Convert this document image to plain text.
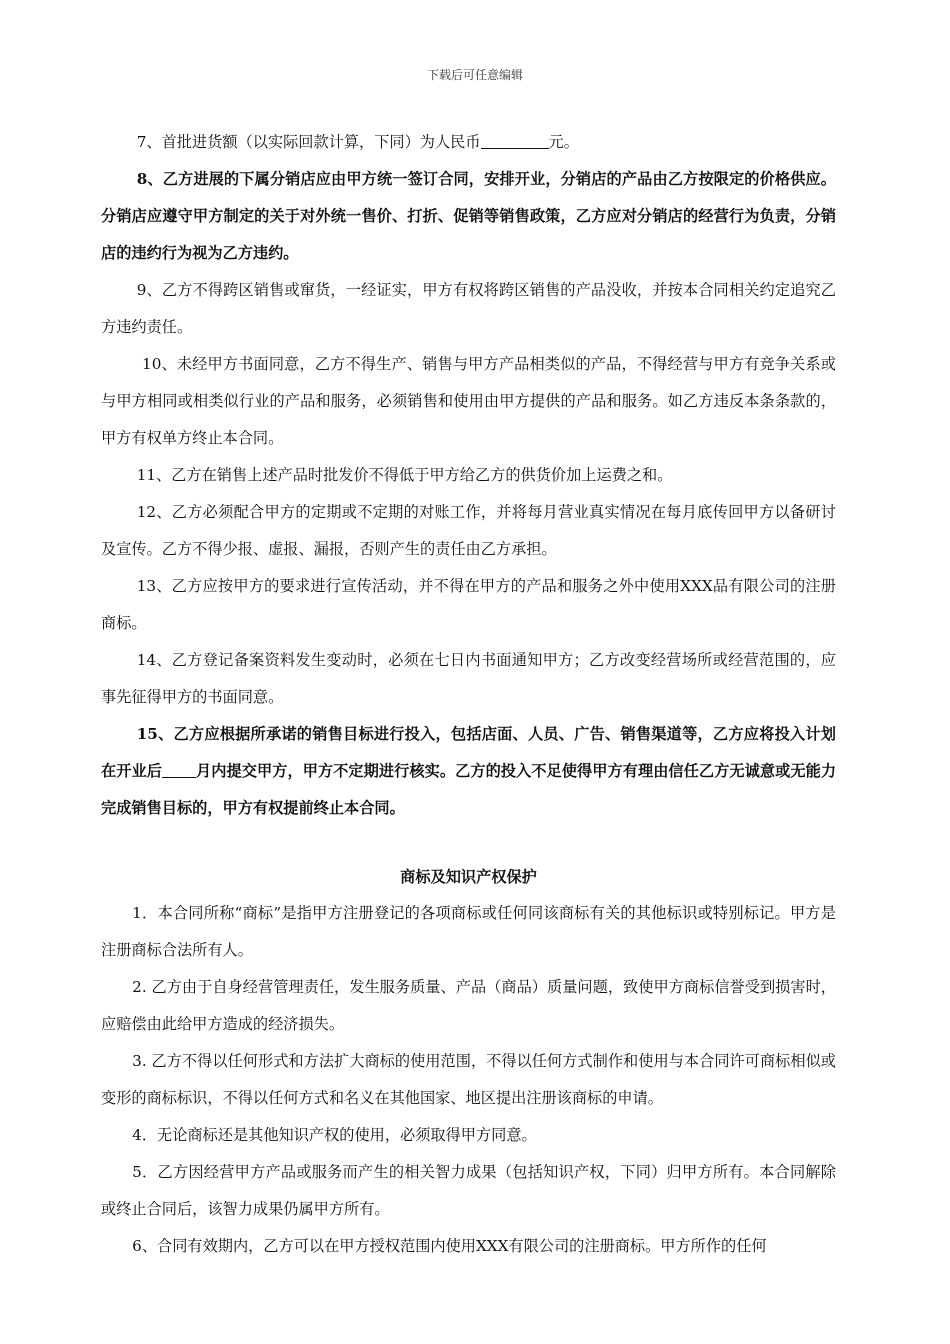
下载后可任意编辑

7、首批进货额（以实际回款计算，下同）为人民币	元。

8、乙方进展的下属分销店应由甲方统一签订合同，安排开业，分销店的产品由乙方按限定的价格供应。分销店应遵守甲方制定的关于对外统一售价、打折、促销等销售政策，乙方应对分销店的经营行为负责，分销店的违约行为视为乙方违约。

9、乙方不得跨区销售或窜货，一经证实，甲方有权将跨区销售的产品没收，并按本合同相关约定追究乙方违约责任。

10、未经甲方书面同意，乙方不得生产、销售与甲方产品相类似的产品，不得经营与甲方有竞争关系或与甲方相同或相类似行业的产品和服务，必须销售和使用由甲方提供的产品和服务。如乙方违反本条条款的，甲方有权单方终止本合同。

11、乙方在销售上述产品时批发价不得低于甲方给乙方的供货价加上运费之和。

12、乙方必须配合甲方的定期或不定期的对账工作，并将每月营业真实情况在每月底传回甲方以备研讨及宣传。乙方不得少报、虚报、漏报，否则产生的责任由乙方承担。

13、乙方应按甲方的要求进行宣传活动，并不得在甲方的产品和服务之外中使用XXX品有限公司的注册商标。

14、乙方登记备案资料发生变动时，必须在七日内书面通知甲方；乙方改变经营场所或经营范围的，应事先征得甲方的书面同意。

15、乙方应根据所承诺的销售目标进行投入，包括店面、人员、广告、销售渠道等，乙方应将投入计划在开业后 月内提交甲方，甲方不定期进行核实。乙方的投入不足使得甲方有理由信任乙方无诚意或无能力完成销售目标的，甲方有权提前终止本合同。

商标及知识产权保护

1．本合同所称“商标”是指甲方注册登记的各项商标或任何同该商标有关的其他标识或特别标记。甲方是注册商标合法所有人。

2. 乙方由于自身经营管理责任，发生服务质量、产品（商品）质量问题，致使甲方商标信誉受到损害时，应赔偿由此给甲方造成的经济损失。

3. 乙方不得以任何形式和方法扩大商标的使用范围，不得以任何方式制作和使用与本合同许可商标相似或变形的商标标识，不得以任何方式和名义在其他国家、地区提出注册该商标的申请。

4．无论商标还是其他知识产权的使用，必须取得甲方同意。

5．乙方因经营甲方产品或服务而产生的相关智力成果（包括知识产权，下同）归甲方所有。本合同解除或终止合同后，该智力成果仍属甲方所有。

6、合同有效期内，乙方可以在甲方授权范围内使用XXX有限公司的注册商标。甲方所作的任何
